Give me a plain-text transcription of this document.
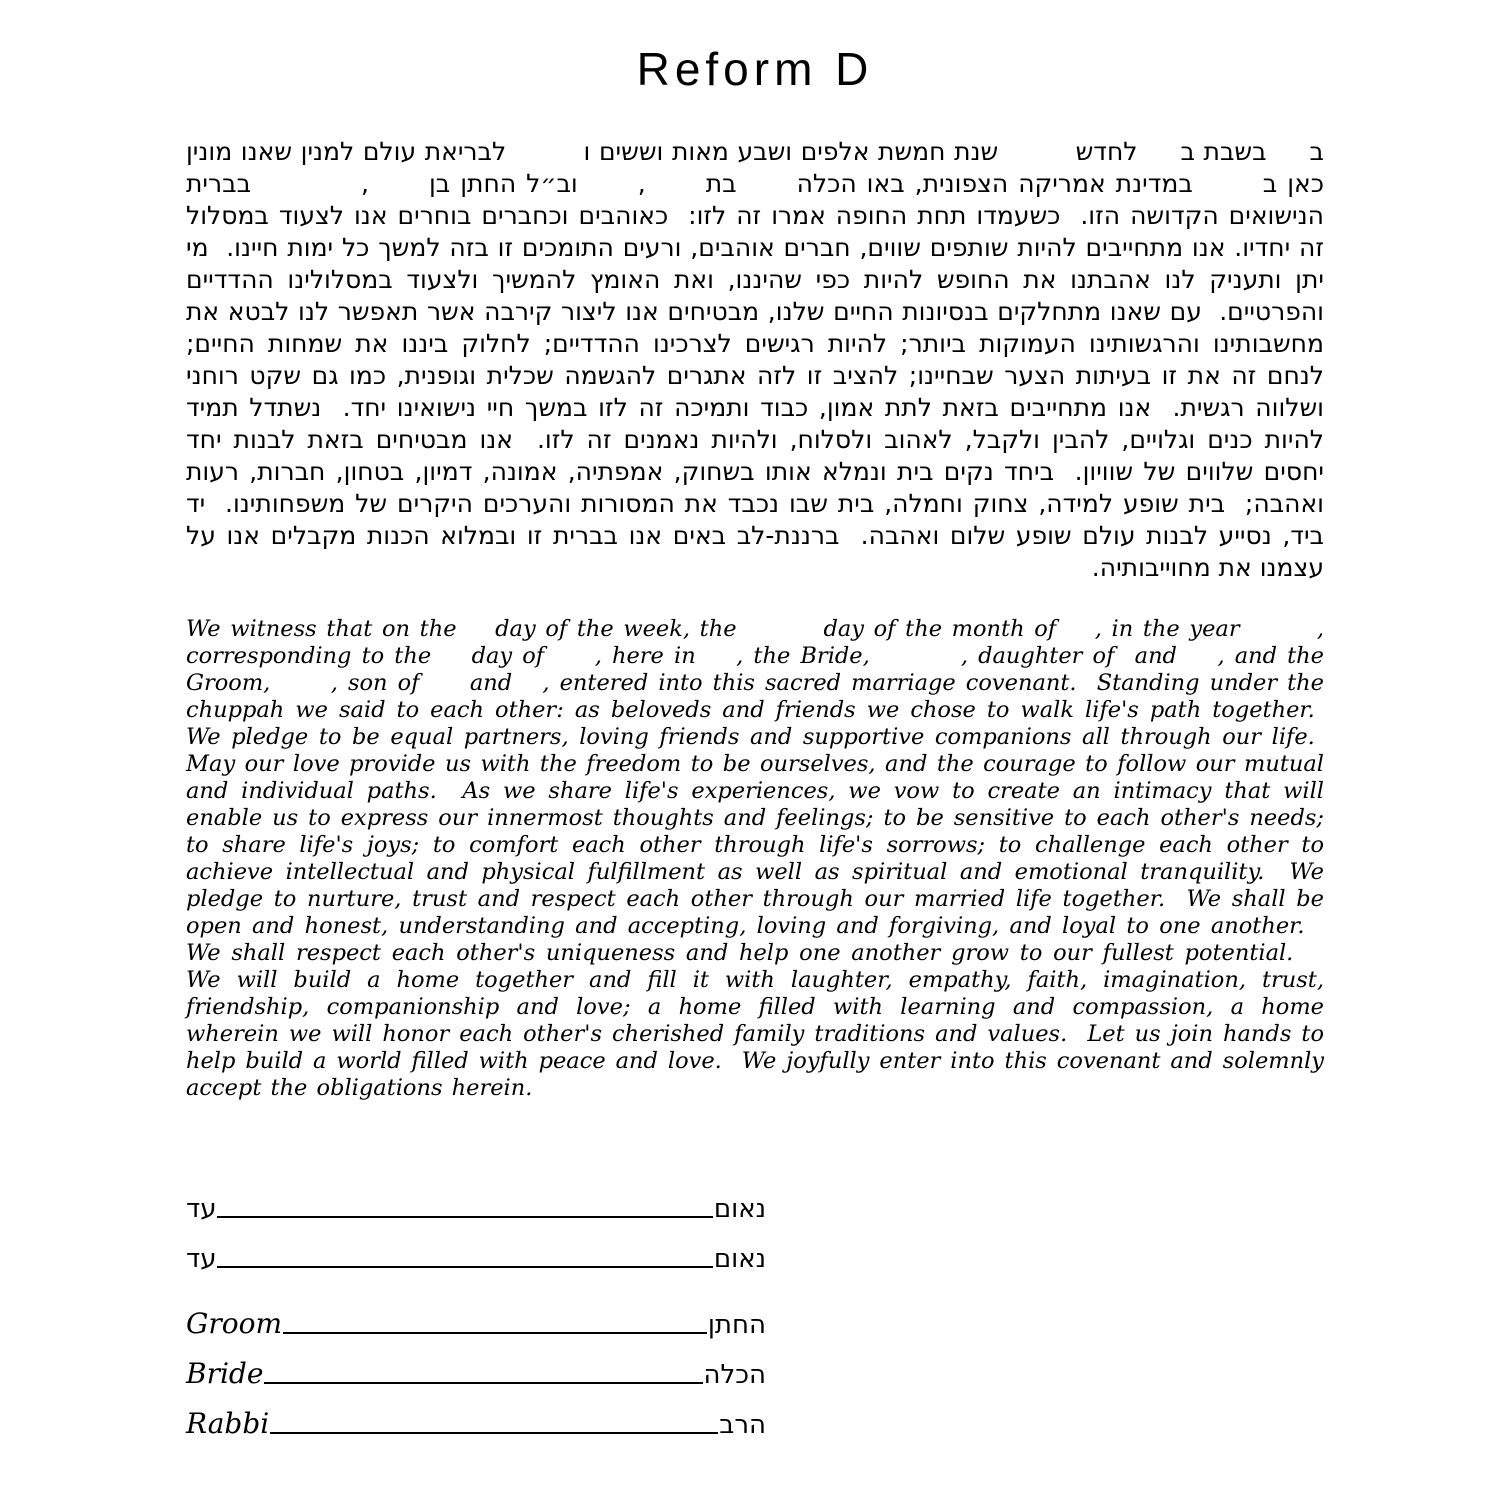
Reform D

ב     בשבת ב     לחדש         שנת חמשת אלפים ושבע מאות וששים ו         לבריאת עולם למנין שאנו מונין כאן ב       במדינת אמריקה הצפונית, באו הכלה      בת      ,      וב״ל החתן בן      ,           בברית הנישואים הקדושה הזו.  כשעמדו תחת החופה אמרו זה לזו:  כאוהבים וכחברים בוחרים אנו לצעוד במסלול זה יחדיו. אנו מתחייבים להיות שותפים שווים, חברים אוהבים, ורעים התומכים זו בזה למשך כל ימות חיינו.  מי יתן ותעניק לנו אהבתנו את החופש להיות כפי שהיננו, ואת האומץ להמשיך ולצעוד במסלולינו ההדדיים והפרטיים.  עם שאנו מתחלקים בנסיונות החיים שלנו, מבטיחים אנו ליצור קירבה אשר תאפשר לנו לבטא את מחשבותינו והרגשותינו העמוקות ביותר; להיות רגישים לצרכינו ההדדיים; לחלוק ביננו את שמחות החיים; לנחם זה את זו בעיתות הצער שבחיינו; להציב זו לזה אתגרים להגשמה שכלית וגופנית, כמו גם שקט רוחני ושלווה רגשית.  אנו מתחייבים בזאת לתת אמון, כבוד ותמיכה זה לזו במשך חיי נישואינו יחד.  נשתדל תמיד להיות כנים וגלויים, להבין ולקבל, לאהוב ולסלוח, ולהיות נאמנים זה לזו.  אנו מבטיחים בזאת לבנות יחד יחסים שלווים של שוויון.  ביחד נקים בית ונמלא אותו בשחוק, אמפתיה, אמונה, דמיון, בטחון, חברות, רעות ואהבה;  בית שופע למידה, צחוק וחמלה, בית שבו נכבד את המסורות והערכים היקרים של משפחותינו.  יד ביד, נסייע לבנות עולם שופע שלום ואהבה.  ברננת-לב באים אנו בברית זו ובמלוא הכנות מקבלים אנו על עצמנו את מחוייבותיה.

We witness that on the    day of the week, the         day of the month of    , in the year        , corresponding to the    day of     , here in    , the Bride,         , daughter of  and    , and the Groom,      , son of     and   , entered into this sacred marriage covenant.  Standing under the chuppah we said to each other: as beloveds and friends we chose to walk life's path together.  We pledge to be equal partners, loving friends and supportive companions all through our life.  May our love provide us with the freedom to be ourselves, and the courage to follow our mutual and individual paths.  As we share life's experiences, we vow to create an intimacy that will enable us to express our innermost thoughts and feelings; to be sensitive to each other's needs; to share life's joys; to comfort each other through life's sorrows; to challenge each other to achieve intellectual and physical fulfillment as well as spiritual and emotional tranquility.  We pledge to nurture, trust and respect each other through our married life together.  We shall be open and honest, understanding and accepting, loving and forgiving, and loyal to one another.   We shall respect each other's uniqueness and help one another grow to our fullest potential.    We will build a home together and fill it with laughter, empathy, faith, imagination, trust, friendship, companionship and love; a home filled with learning and compassion, a home wherein we will honor each other's cherished family traditions and values.  Let us join hands to help build a world filled with peace and love.  We joyfully enter into this covenant and solemnly accept the obligations herein.

עד	נאום
עד	נאום
Groom	החתן
Bride	הכלה
Rabbi	הרב
